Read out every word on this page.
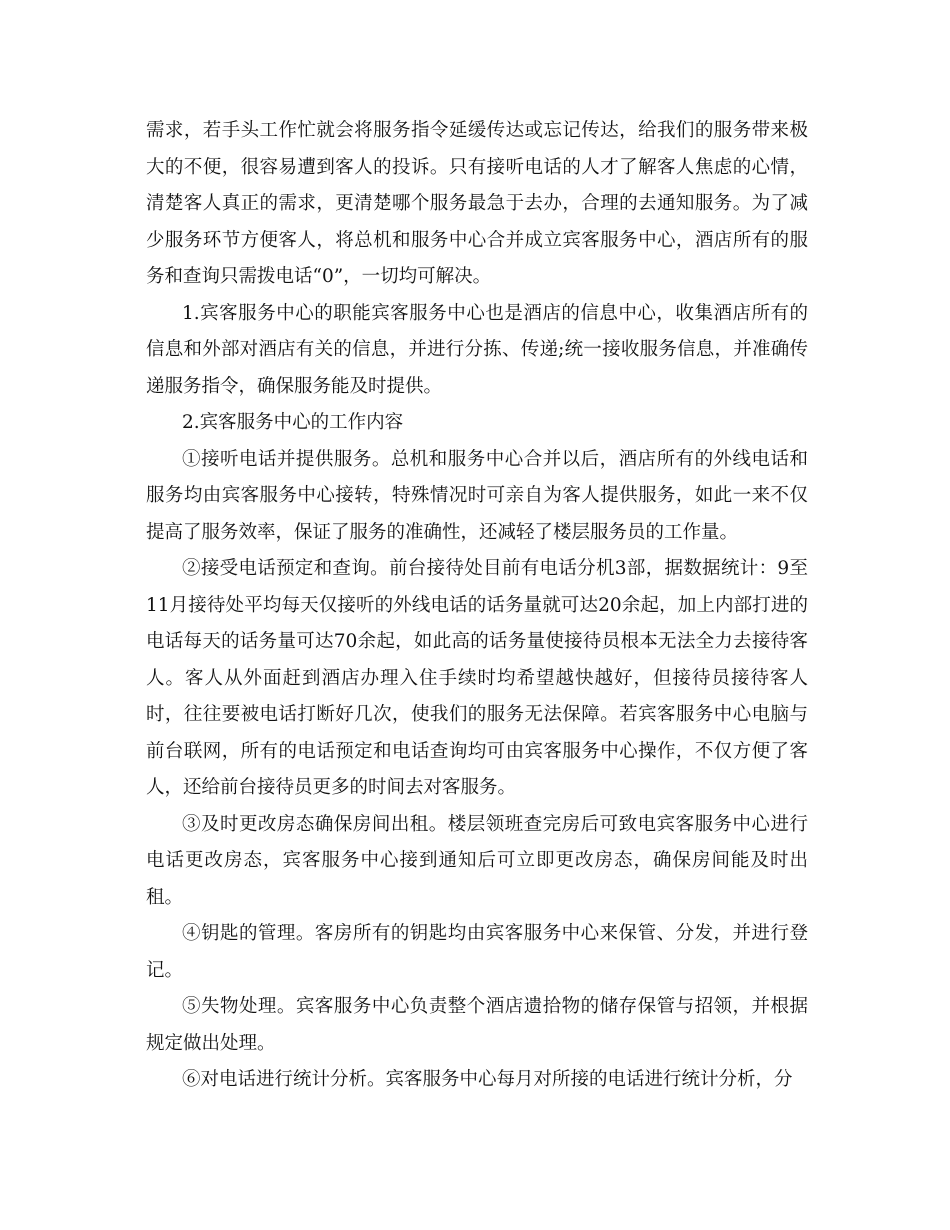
需求，若手头工作忙就会将服务指令延缓传达或忘记传达，给我们的服务带来极大的不便，很容易遭到客人的投诉。只有接听电话的人才了解客人焦虑的心情，清楚客人真正的需求，更清楚哪个服务最急于去办，合理的去通知服务。为了减少服务环节方便客人，将总机和服务中心合并成立宾客服务中心，酒店所有的服务和查询只需拨电话“0”，一切均可解决。

1.宾客服务中心的职能宾客服务中心也是酒店的信息中心，收集酒店所有的信息和外部对酒店有关的信息，并进行分拣、传递;统一接收服务信息，并准确传递服务指令，确保服务能及时提供。

2.宾客服务中心的工作内容

①接听电话并提供服务。总机和服务中心合并以后，酒店所有的外线电话和服务均由宾客服务中心接转，特殊情况时可亲自为客人提供服务，如此一来不仅提高了服务效率，保证了服务的准确性，还减轻了楼层服务员的工作量。

②接受电话预定和查询。前台接待处目前有电话分机3部，据数据统计：9至11月接待处平均每天仅接听的外线电话的话务量就可达20余起，加上内部打进的电话每天的话务量可达70余起，如此高的话务量使接待员根本无法全力去接待客人。客人从外面赶到酒店办理入住手续时均希望越快越好，但接待员接待客人时，往往要被电话打断好几次，使我们的服务无法保障。若宾客服务中心电脑与前台联网，所有的电话预定和电话查询均可由宾客服务中心操作，不仅方便了客人，还给前台接待员更多的时间去对客服务。

③及时更改房态确保房间出租。楼层领班查完房后可致电宾客服务中心进行电话更改房态，宾客服务中心接到通知后可立即更改房态，确保房间能及时出租。

④钥匙的管理。客房所有的钥匙均由宾客服务中心来保管、分发，并进行登记。

⑤失物处理。宾客服务中心负责整个酒店遗拾物的储存保管与招领，并根据规定做出处理。

⑥对电话进行统计分析。宾客服务中心每月对所接的电话进行统计分析，分
